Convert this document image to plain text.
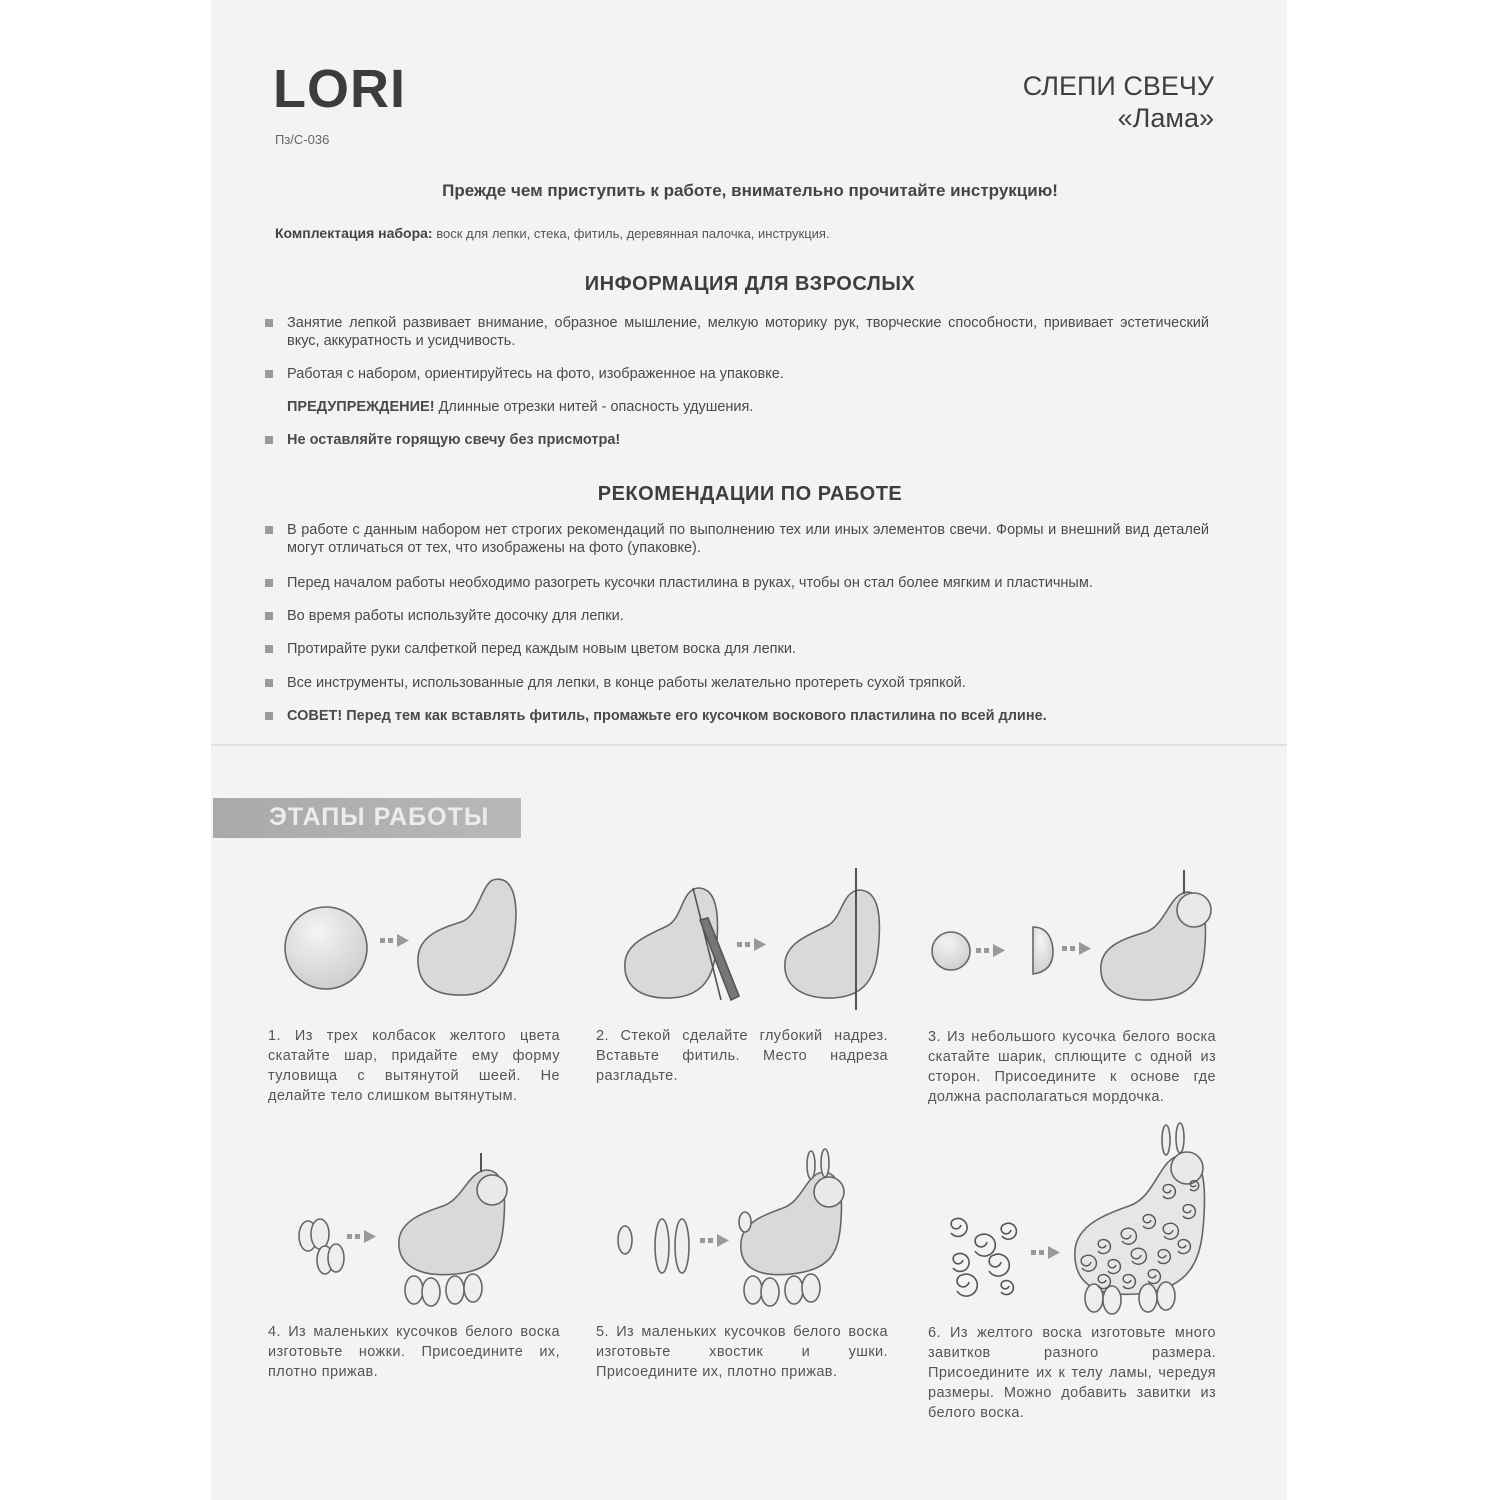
LORI
Пз/С-036
СЛЕПИ СВЕЧУ
«Лама»
Прежде чем приступить к работе, внимательно прочитайте инструкцию!
Комплектация набора: воск для лепки, стека, фитиль, деревянная палочка, инструкция.
ИНФОРМАЦИЯ ДЛЯ ВЗРОСЛЫХ
Занятие лепкой развивает внимание, образное мышление, мелкую моторику рук, творческие способности, прививает эстетический вкус, аккуратность и усидчивость.
Работая с набором, ориентируйтесь на фото, изображенное на упаковке.
ПРЕДУПРЕЖДЕНИЕ! Длинные отрезки нитей - опасность удушения.
Не оставляйте горящую свечу без присмотра!
РЕКОМЕНДАЦИИ ПО РАБОТЕ
В работе с данным набором нет строгих рекомендаций по выполнению тех или иных элементов свечи. Формы и внешний вид деталей могут отличаться от тех, что изображены на фото (упаковке).
Перед началом работы необходимо разогреть кусочки пластилина в руках, чтобы он стал более мягким и пластичным.
Во время работы используйте досочку для лепки.
Протирайте руки салфеткой перед каждым новым цветом воска для лепки.
Все инструменты, использованные для лепки, в конце работы желательно протереть сухой тряпкой.
СОВЕТ! Перед тем как вставлять фитиль, промажьте его кусочком воскового пластилина по всей длине.
ЭТАПЫ РАБОТЫ
1. Из трех колбасок желтого цвета скатайте шар, придайте ему форму туловища с вытянутой шеей. Не делайте тело слишком вытянутым.
2. Стекой сделайте глубокий надрез. Вставьте фитиль. Место надреза разгладьте.
3. Из небольшого кусочка белого воска скатайте шарик, сплющите с одной из сторон. Присоедините к основе где должна располагаться мордочка.
4. Из маленьких кусочков белого воска изготовьте ножки. Присоедините их, плотно прижав.
5. Из маленьких кусочков белого воска изготовьте хвостик и ушки. Присоедините их, плотно прижав.
6. Из желтого воска изготовьте много завитков разного размера. Присоедините их к телу ламы, чередуя размеры. Можно добавить завитки из белого воска.
